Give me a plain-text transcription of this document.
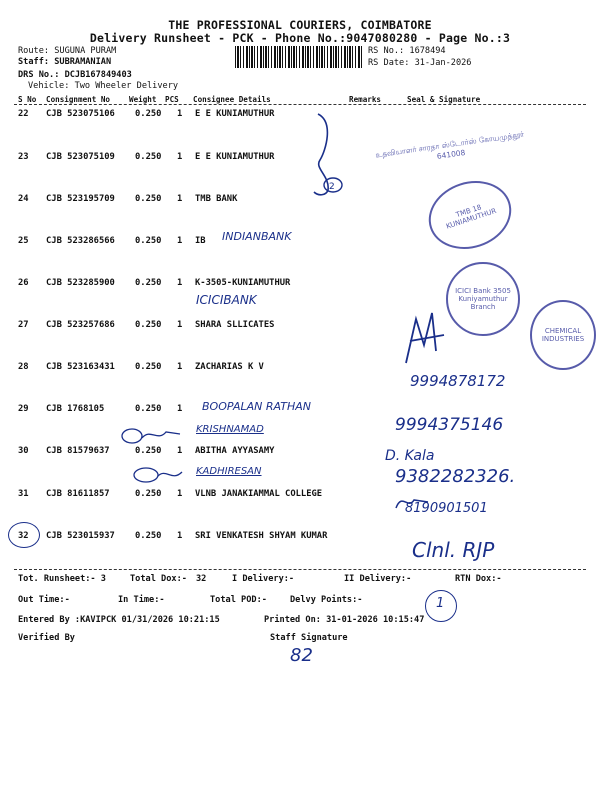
THE PROFESSIONAL COURIERS, COIMBATORE
Delivery Runsheet - PCK - Phone No.:9047080280 - Page No.:3
Route: SUGUNA PURAM
Staff: SUBRAMANIAN
DRS No.: DCJB167849403
Vehicle: Two Wheeler Delivery
RS No.: 1678494
RS Date: 31-Jan-2026
S No Consignment No Weight PCS Consignee Details	Remarks	Seal & Signature
22 CJB 523075106 0.250 1 E E KUNIAMUTHUR
23 CJB 523075109 0.250 1 E E KUNIAMUTHUR
24 CJB 523195709 0.250 1 TMB BANK
25 CJB 523286566 0.250 1 IB
26 CJB 523285900 0.250 1 K-3505-KUNIAMUTHUR
27 CJB 523257686 0.250 1 SHARA SLLICATES
28 CJB 523163431 0.250 1 ZACHARIAS K V
29 CJB 1768105	0.250 1
30 CJB 81579637	0.250 1 ABITHA AYYASAMY
31 CJB 81611857	0.250 1 VLNB JANAKIAMMAL COLLEGE
32 CJB 523015937 0.250 1 SRI VENKATESH SHYAM KUMAR
2
உதவியாளர் சாரதா ஸ்டோர்ஸ் கோயமுத்தூர் 641008
TMB 18 KUNIAMUTHUR
ICICI Bank 3505 Kuniyamuthur Branch
CHEMICAL INDUSTRIES
INDIANBANK
ICICIBANK
9994878172
BOOPALAN RATHAN
KRISHNAMAD	9994375146
KADHIRESAN
D. Kala
9382282326.
8190901501
Clnl. RJP
Tot. Runsheet:- 3	Total Dox:- 32	I Delivery:-	II Delivery:-	RTN Dox:-
Out Time:-	In Time:-	Total POD:-	Delvy Points:-	1
Entered By :KAVIPCK 01/31/2026 10:21:15	Printed On: 31-01-2026 10:15:47
Verified By	Staff Signature
82
